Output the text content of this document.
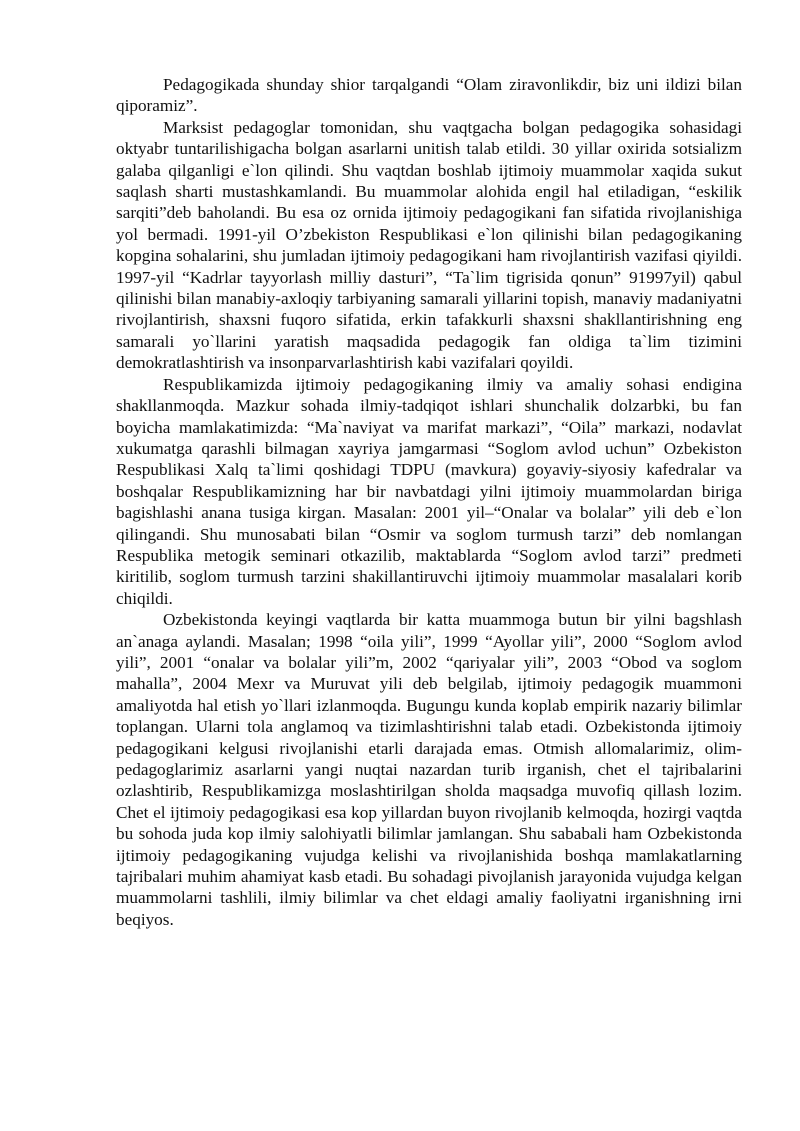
Pedagogikada shunday shior tarqalgandi “Olam ziravonlikdir, biz uni ildizi bilan qiporamiz”.

Marksist pedagoglar tomonidan, shu vaqtgacha bolgan pedagogika sohasidagi oktyabr tuntarilishigacha bolgan asarlarni unitish talab etildi. 30 yillar oxirida sotsializm galaba qilganligi e`lon qilindi. Shu vaqtdan boshlab ijtimoiy muammolar xaqida sukut saqlash sharti mustashkamlandi. Bu muammolar alohida engil hal etiladigan, “eskilik sarqiti”deb baholandi. Bu esa oz ornida ijtimoiy pedagogikani fan sifatida rivojlanishiga yol bermadi. 1991-yil O’zbekiston Respublikasi e`lon qilinishi bilan pedagogikaning kopgina sohalarini, shu jumladan ijtimoiy pedagogikani ham rivojlantirish vazifasi qiyildi. 1997-yil “Kadrlar tayyorlash milliy dasturi”, “Ta`lim tigrisida qonun” 91997yil) qabul qilinishi bilan manabiy-axloqiy tarbiyaning samarali yillarini topish, manaviy madaniyatni rivojlantirish, shaxsni fuqoro sifatida, erkin tafakkurli shaxsni shakllantirishning eng samarali yo`llarini yaratish maqsadida pedagogik fan oldiga ta`lim tizimini demokratlashtirish va insonparvarlashtirish kabi vazifalari qoyildi.

Respublikamizda ijtimoiy pedagogikaning ilmiy va amaliy sohasi endigina shakllanmoqda. Mazkur sohada ilmiy-tadqiqot ishlari shunchalik dolzarbki, bu fan boyicha mamlakatimizda: “Ma`naviyat va marifat markazi”, “Oila” markazi, nodavlat xukumatga qarashli bilmagan xayriya jamgarmasi “Soglom avlod uchun” Ozbekiston Respublikasi Xalq ta`limi qoshidagi TDPU (mavkura) goyaviy-siyosiy kafedralar va boshqalar Respublikamizning har bir navbatdagi yilni ijtimoiy muammolardan biriga bagishlashi anana tusiga kirgan. Masalan: 2001 yil–“Onalar va bolalar” yili deb e`lon qilingandi. Shu munosabati bilan “Osmir va soglom turmush tarzi” deb nomlangan Respublika metogik seminari otkazilib, maktablarda “Soglom avlod tarzi” predmeti kiritilib, soglom turmush tarzini shakillantiruvchi ijtimoiy muammolar masalalari korib chiqildi.

Ozbekistonda keyingi vaqtlarda bir katta muammoga butun bir yilni bagshlash an`anaga aylandi. Masalan; 1998 “oila yili”, 1999 “Ayollar yili”, 2000 “Soglom avlod yili”, 2001 “onalar va bolalar yili”m, 2002 “qariyalar yili”, 2003 “Obod va soglom mahalla”, 2004 Mexr va Muruvat yili deb belgilab, ijtimoiy pedagogik muammoni amaliyotda hal etish yo`llari izlanmoqda. Bugungu kunda koplab empirik nazariy bilimlar toplangan. Ularni tola anglamoq va tizimlashtirishni talab etadi. Ozbekistonda ijtimoiy pedagogikani kelgusi rivojlanishi etarli darajada emas. Otmish allomalarimiz, olim-pedagoglarimiz asarlarni yangi nuqtai nazardan turib irganish, chet el tajribalarini ozlashtirib, Respublikamizga moslashtirilgan sholda maqsadga muvofiq qillash lozim. Chet el ijtimoiy pedagogikasi esa kop yillardan buyon rivojlanib kelmoqda, hozirgi vaqtda bu sohoda juda kop ilmiy salohiyatli bilimlar jamlangan. Shu sababali ham Ozbekistonda ijtimoiy pedagogikaning vujudga kelishi va rivojlanishida boshqa mamlakatlarning tajribalari muhim ahamiyat kasb etadi. Bu sohadagi pivojlanish jarayonida vujudga kelgan muammolarni tashlili, ilmiy bilimlar va chet eldagi amaliy faoliyatni irganishning irni beqiyos.
